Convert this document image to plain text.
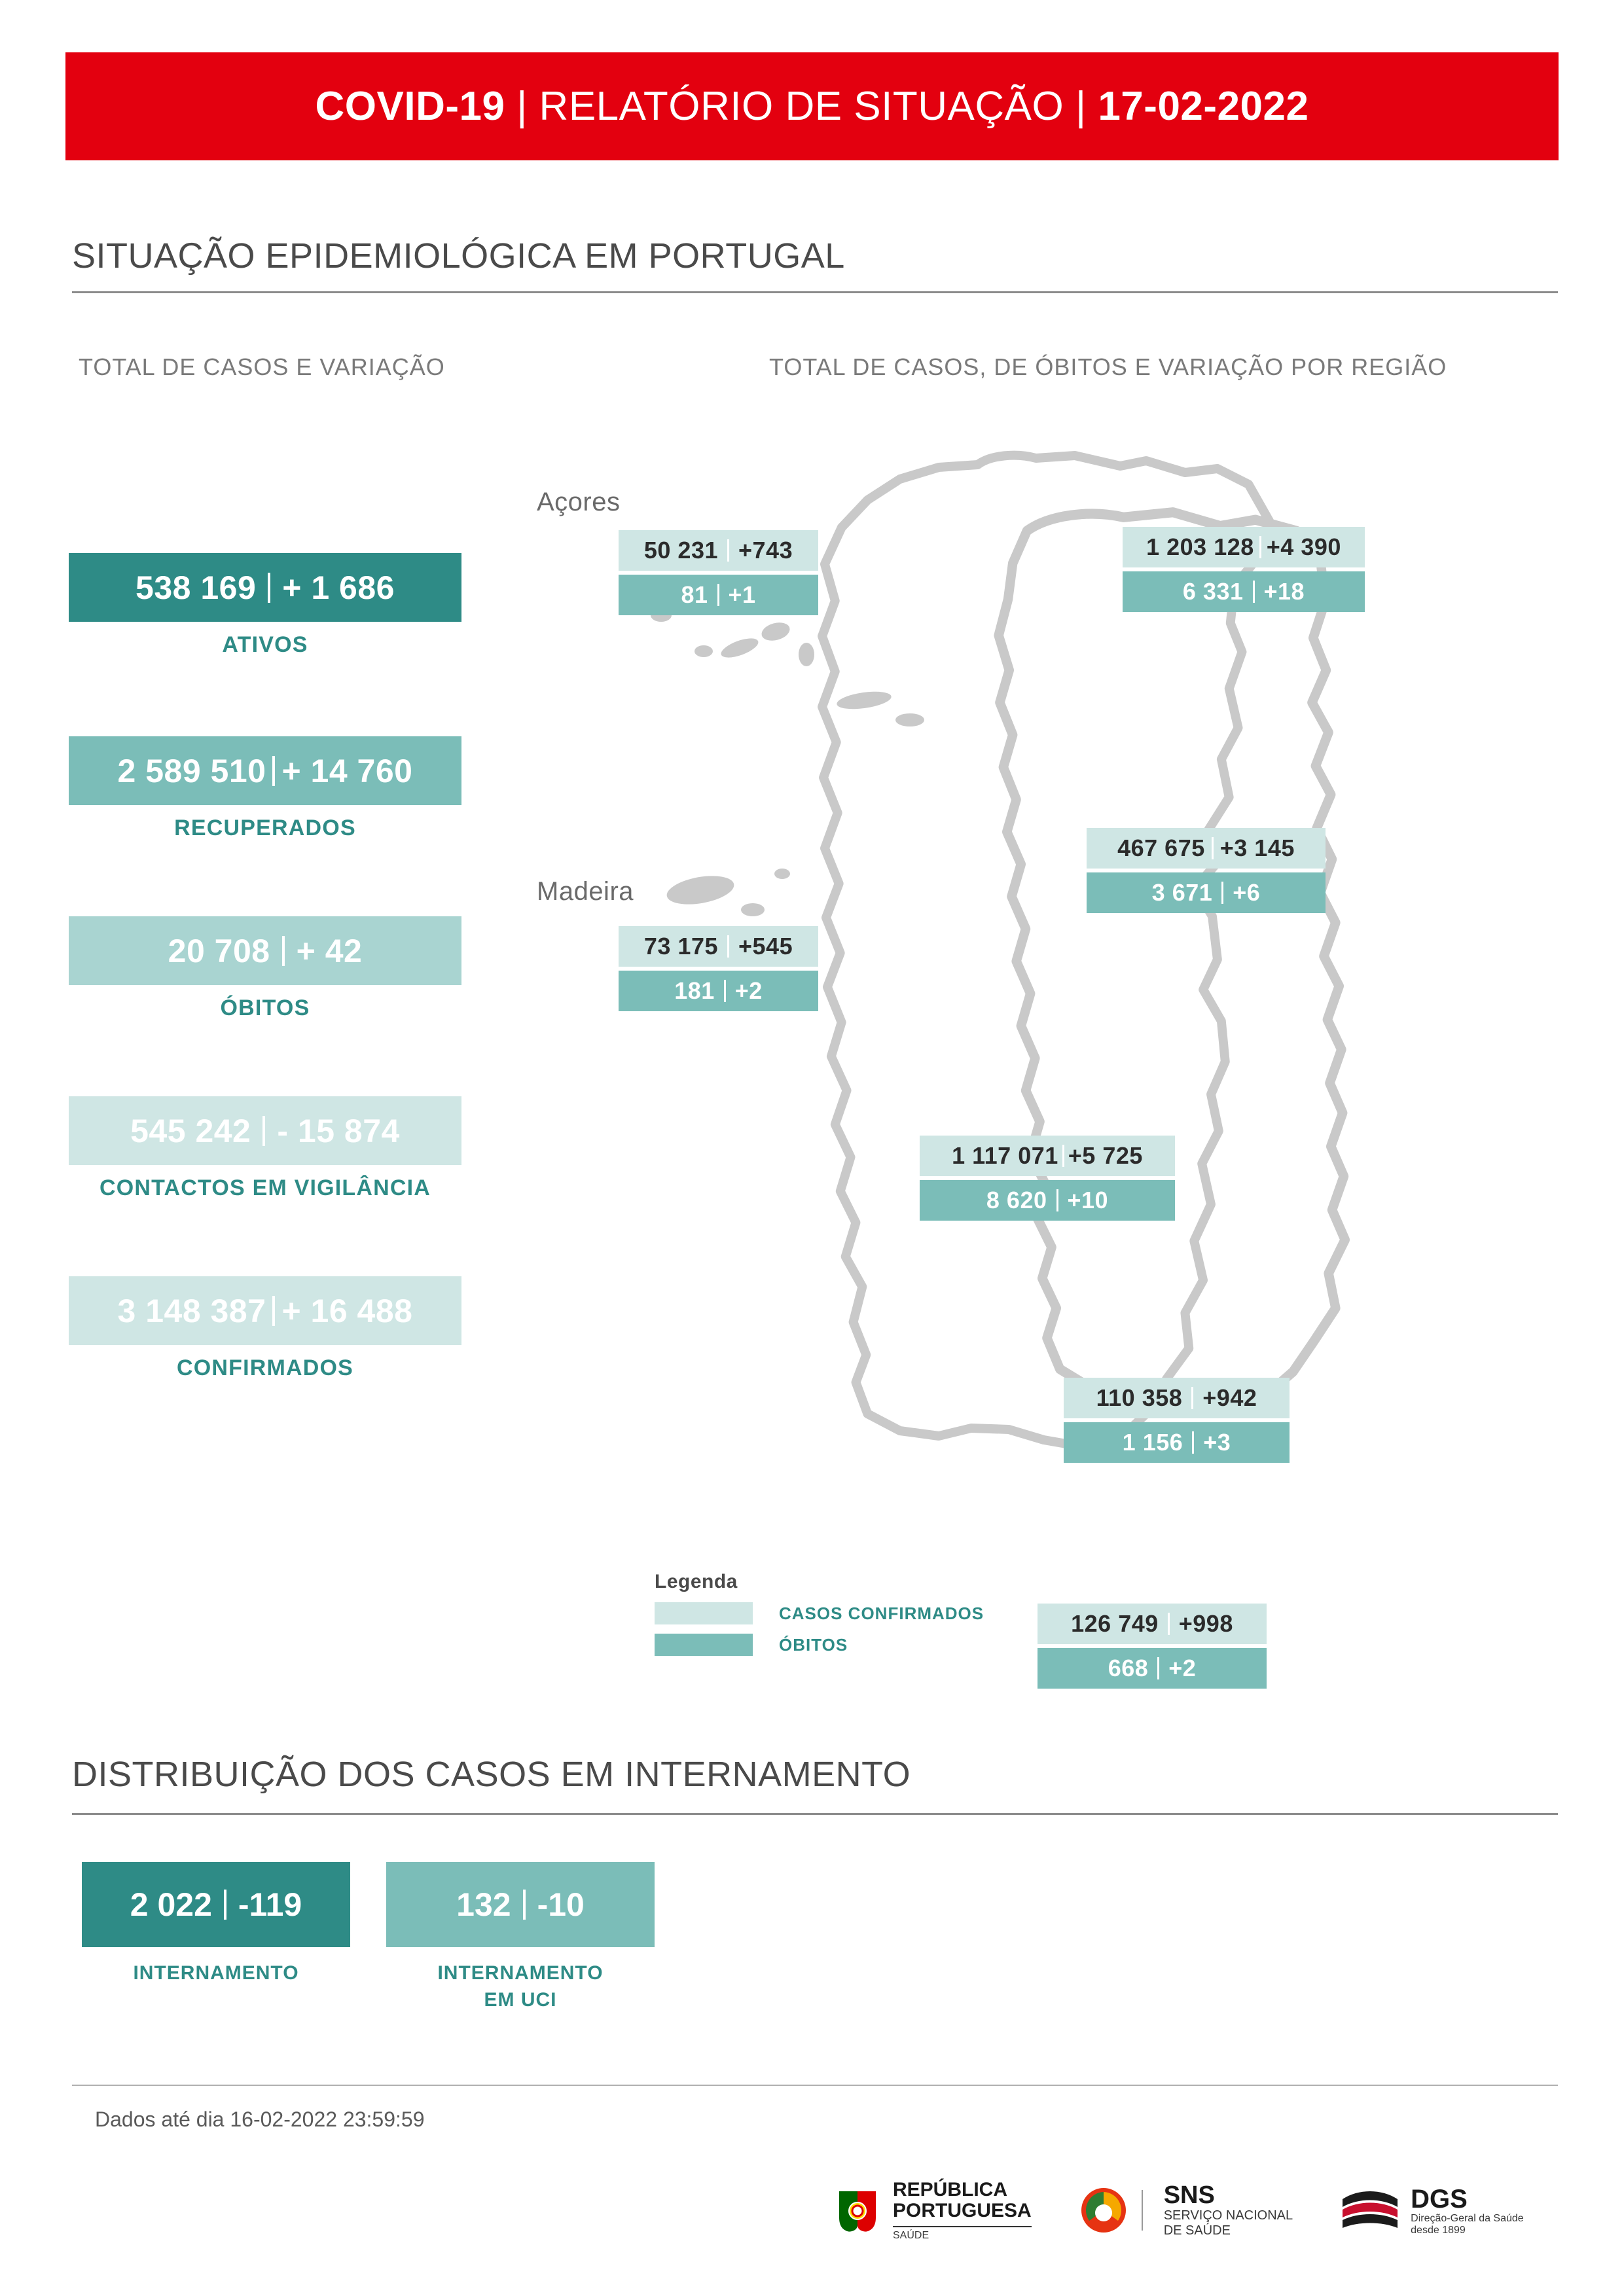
COVID-19 | RELATÓRIO DE SITUAÇÃO | 17-02-2022
SITUAÇÃO EPIDEMIOLÓGICA EM PORTUGAL
TOTAL DE CASOS E VARIAÇÃO	TOTAL DE CASOS, DE ÓBITOS E VARIAÇÃO POR REGIÃO
538 169 + 1 686
ATIVOS
2 589 510 + 14 760
RECUPERADOS
20 708 + 42
ÓBITOS
545 242 - 15 874
CONTACTOS EM VIGILÂNCIA
3 148 387 + 16 488
CONFIRMADOS
Açores
Madeira
50 231 +743
81 +1
73 175 +545
181 +2
1 203 128 +4 390
6 331 +18
467 675 +3 145
3 671 +6
1 117 071 +5 725
8 620 +10
110 358 +942
1 156 +3
126 749 +998
668 +2
Legenda
CASOS CONFIRMADOS
ÓBITOS
DISTRIBUIÇÃO DOS CASOS EM INTERNAMENTO
2 022 -119
INTERNAMENTO
132 -10
INTERNAMENTO
EM UCI
Dados até dia 16-02-2022 23:59:59
REPÚBLICA
PORTUGUESA
SAÚDE
SNS
SERVIÇO NACIONAL
DE SAÚDE
DGS
Direção-Geral da Saúde
desde 1899
